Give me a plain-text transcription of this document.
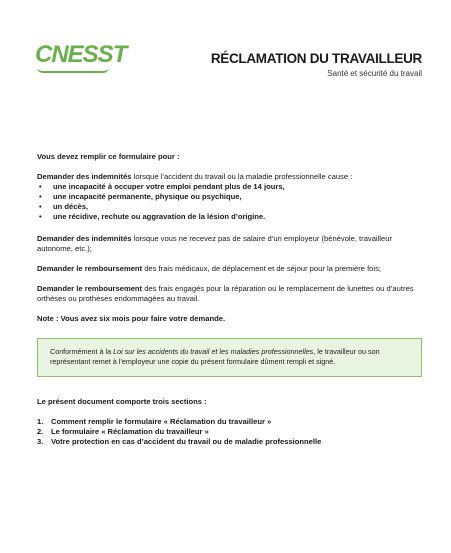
CNESST	RÉCLAMATION DU TRAVAILLEUR
Santé et sécurité du travail

Vous devez remplir ce formulaire pour :

Demander des indemnités lorsque l’accident du travail ou la maladie professionnelle cause :

• une incapacité à occuper votre emploi pendant plus de 14 jours,
• une incapacité permanente, physique ou psychique,
• un décès,
• une récidive, rechute ou aggravation de la lésion d’origine.

Demander des indemnités lorsque vous ne recevez pas de salaire d’un employeur (bénévole, travailleur autonome, etc.);

Demander le remboursement des frais médicaux, de déplacement et de séjour pour la première fois;

Demander le remboursement des frais engagés pour la réparation ou le remplacement de lunettes ou d’autres orthèses ou prothèses endommagées au travail.

Note : Vous avez six mois pour faire votre demande.

Conformément à la Loi sur les accidents du travail et les maladies professionnelles, le travailleur ou son représentant remet à l’employeur une copie du présent formulaire dûment rempli et signé.

Le présent document comporte trois sections :

1. Comment remplir le formulaire « Réclamation du travailleur »
2. Le formulaire « Réclamation du travailleur »
3. Votre protection en cas d’accident du travail ou de maladie professionnelle
